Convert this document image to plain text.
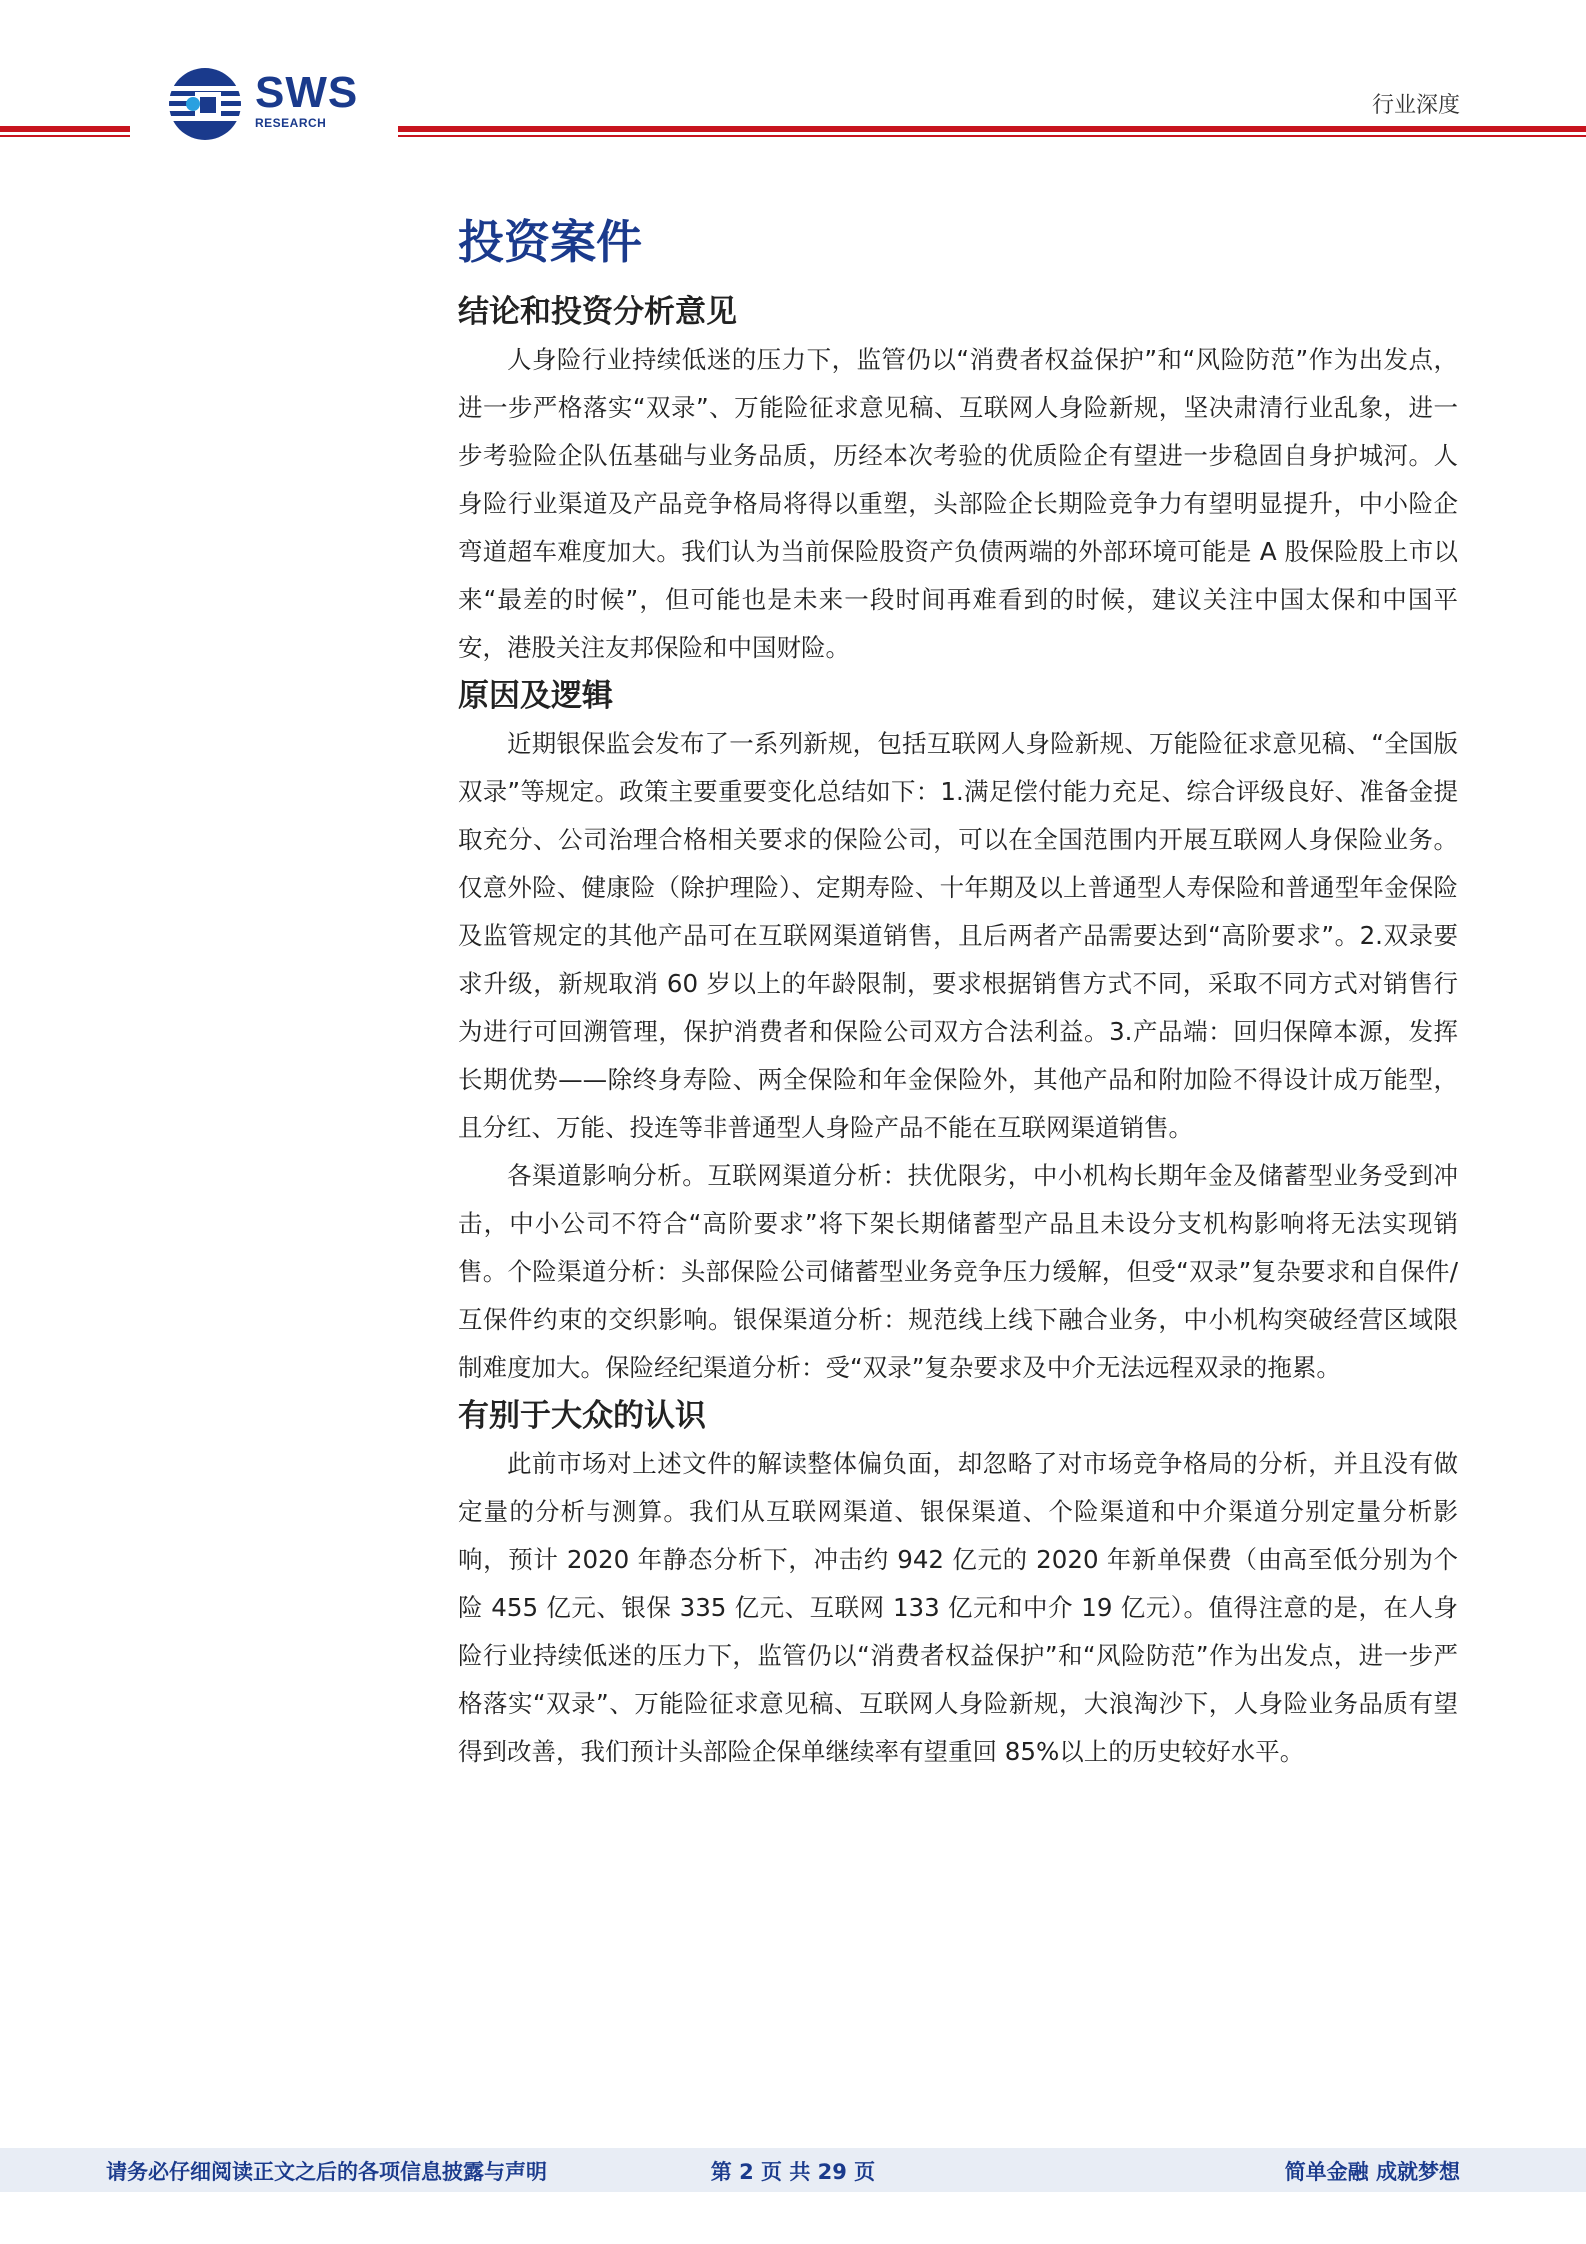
SWS
RESEARCH
行业深度
投资案件
结论和投资分析意见

人身险行业持续低迷的压力下，监管仍以“消费者权益保护”和“风险防范”作为出发点，进一步严格落实“双录”、万能险征求意见稿、互联网人身险新规，坚决肃清行业乱象，进一步考验险企队伍基础与业务品质，历经本次考验的优质险企有望进一步稳固自身护城河。人身险行业渠道及产品竞争格局将得以重塑，头部险企长期险竞争力有望明显提升，中小险企弯道超车难度加大。我们认为当前保险股资产负债两端的外部环境可能是 A 股保险股上市以来“最差的时候”，但可能也是未来一段时间再难看到的时候，建议关注中国太保和中国平安，港股关注友邦保险和中国财险。

原因及逻辑

近期银保监会发布了一系列新规，包括互联网人身险新规、万能险征求意见稿、“全国版双录”等规定。政策主要重要变化总结如下：1.满足偿付能力充足、综合评级良好、准备金提取充分、公司治理合格相关要求的保险公司，可以在全国范围内开展互联网人身保险业务。仅意外险、健康险（除护理险）、定期寿险、十年期及以上普通型人寿保险和普通型年金保险及监管规定的其他产品可在互联网渠道销售，且后两者产品需要达到“高阶要求”。2.双录要求升级，新规取消 60 岁以上的年龄限制，要求根据销售方式不同，采取不同方式对销售行为进行可回溯管理，保护消费者和保险公司双方合法利益。3.产品端：回归保障本源，发挥长期优势——除终身寿险、两全保险和年金保险外，其他产品和附加险不得设计成万能型，且分红、万能、投连等非普通型人身险产品不能在互联网渠道销售。

各渠道影响分析。互联网渠道分析：扶优限劣，中小机构长期年金及储蓄型业务受到冲击，中小公司不符合“高阶要求”将下架长期储蓄型产品且未设分支机构影响将无法实现销售。个险渠道分析：头部保险公司储蓄型业务竞争压力缓解，但受“双录”复杂要求和自保件/互保件约束的交织影响。银保渠道分析：规范线上线下融合业务，中小机构突破经营区域限制难度加大。保险经纪渠道分析：受“双录”复杂要求及中介无法远程双录的拖累。

有别于大众的认识

此前市场对上述文件的解读整体偏负面，却忽略了对市场竞争格局的分析，并且没有做定量的分析与测算。我们从互联网渠道、银保渠道、个险渠道和中介渠道分别定量分析影响，预计 2020 年静态分析下，冲击约 942 亿元的 2020 年新单保费（由高至低分别为个险 455 亿元、银保 335 亿元、互联网 133 亿元和中介 19 亿元）。值得注意的是，在人身险行业持续低迷的压力下，监管仍以“消费者权益保护”和“风险防范”作为出发点，进一步严格落实“双录”、万能险征求意见稿、互联网人身险新规，大浪淘沙下，人身险业务品质有望得到改善，我们预计头部险企保单继续率有望重回 85%以上的历史较好水平。

第 2 页 共 29 页
请务必仔细阅读正文之后的各项信息披露与声明	简单金融 成就梦想
